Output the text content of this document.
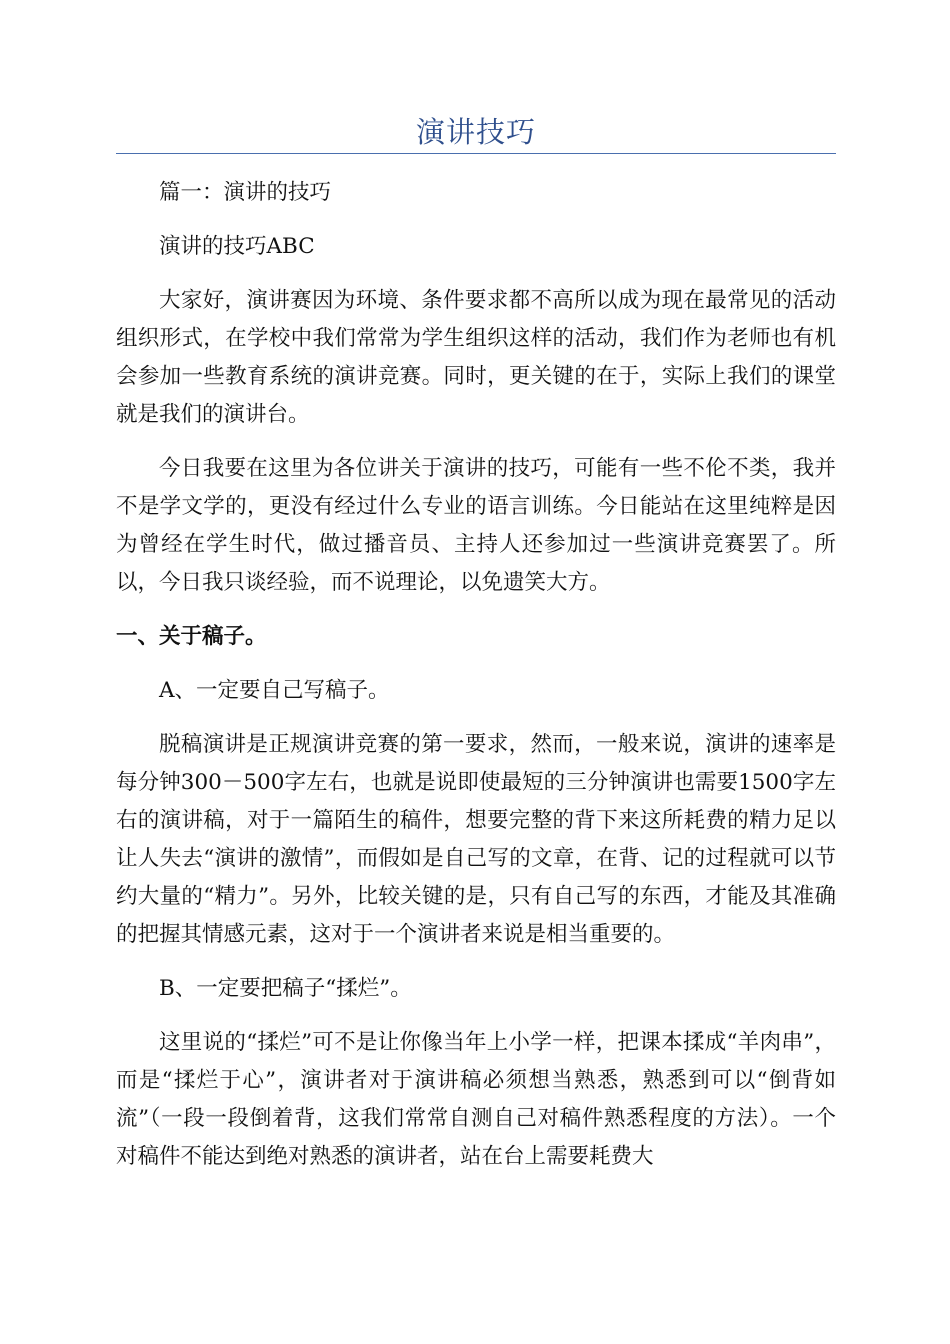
演讲技巧

篇一：演讲的技巧

演讲的技巧ABC

大家好，演讲赛因为环境、条件要求都不高所以成为现在最常见的活动组织形式，在学校中我们常常为学生组织这样的活动，我们作为老师也有机会参加一些教育系统的演讲竞赛。同时，更关键的在于，实际上我们的课堂就是我们的演讲台。

今日我要在这里为各位讲关于演讲的技巧，可能有一些不伦不类，我并不是学文学的，更没有经过什么专业的语言训练。今日能站在这里纯粹是因为曾经在学生时代，做过播音员、主持人还参加过一些演讲竞赛罢了。所以，今日我只谈经验，而不说理论，以免遗笑大方。

一、关于稿子。

A、一定要自己写稿子。

脱稿演讲是正规演讲竞赛的第一要求，然而，一般来说，演讲的速率是每分钟300－500字左右，也就是说即使最短的三分钟演讲也需要1500字左右的演讲稿，对于一篇陌生的稿件，想要完整的背下来这所耗费的精力足以让人失去“演讲的激情”，而假如是自己写的文章，在背、记的过程就可以节约大量的“精力”。另外，比较关键的是，只有自己写的东西，才能及其准确的把握其情感元素，这对于一个演讲者来说是相当重要的。

B、一定要把稿子“揉烂”。

这里说的“揉烂”可不是让你像当年上小学一样，把课本揉成“羊肉串”，而是“揉烂于心”，演讲者对于演讲稿必须想当熟悉，熟悉到可以“倒背如流”（一段一段倒着背，这我们常常自测自己对稿件熟悉程度的方法）。一个对稿件不能达到绝对熟悉的演讲者，站在台上需要耗费大
